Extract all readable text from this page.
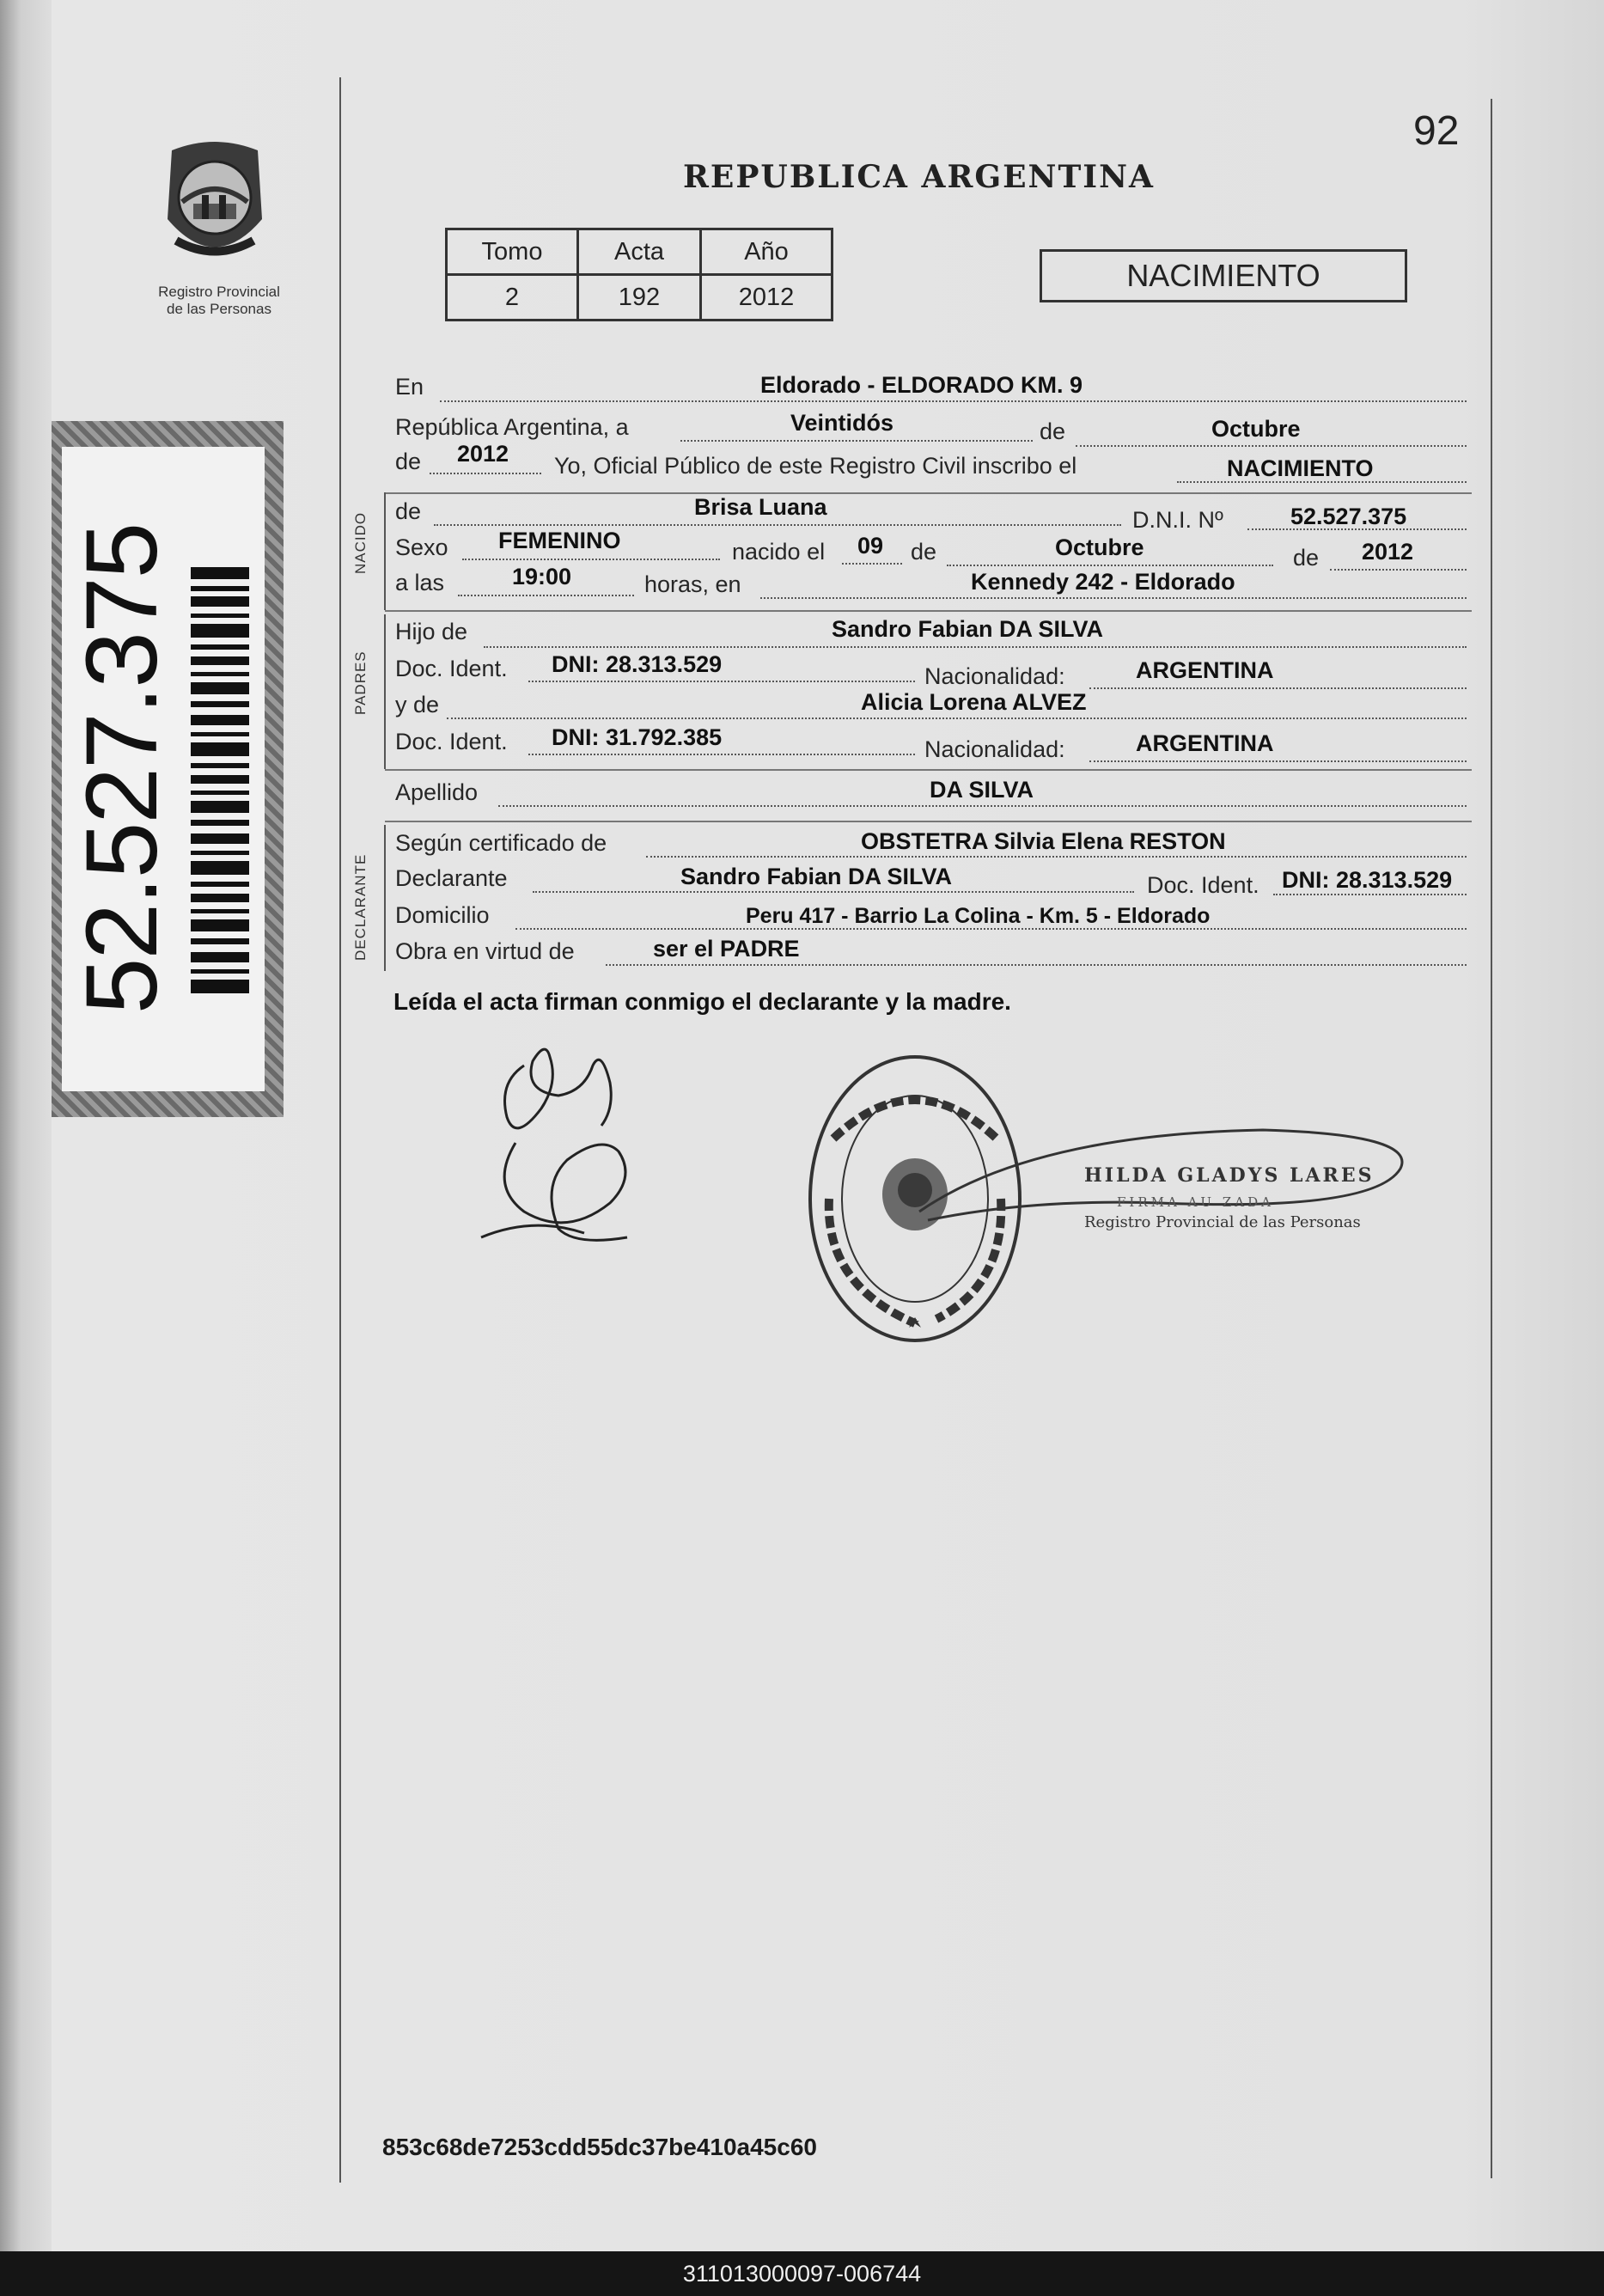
92
REPUBLICA ARGENTINA
Registro Provincial
de las Personas
52.527.375
Tomo	Acta	Año
2	192	2012
NACIMIENTO
NACIDO
PADRES
DECLARANTE
En	Eldorado - ELDORADO KM. 9
República Argentina, a	Veintidós	de	Octubre
de 2012 Yo, Oficial Público de este Registro Civil inscribo el	NACIMIENTO
de	Brisa Luana	D.N.I. Nº	52.527.375
Sexo FEMENINO	nacido el 09 de	Octubre	de 2012
a las	19:00	horas, en	Kennedy 242 - Eldorado
Hijo de	Sandro Fabian DA SILVA
Doc. Ident. DNI: 28.313.529	Nacionalidad:	ARGENTINA
y de	Alicia Lorena ALVEZ
Doc. Ident. DNI: 31.792.385	Nacionalidad:	ARGENTINA
Apellido	DA SILVA
Según certificado de	OBSTETRA Silvia Elena RESTON
Declarante	Sandro Fabian DA SILVA	Doc. Ident. DNI: 28.313.529
Domicilio	Peru 417 - Barrio La Colina - Km. 5 - Eldorado
Obra en virtud de	ser el PADRE
Leída el acta firman conmigo el declarante y la madre.
HILDA GLADYS LARES
FIRMA AU ZADA
Registro Provincial de las Personas
853c68de7253cdd55dc37be410a45c60
311013000097-006744
